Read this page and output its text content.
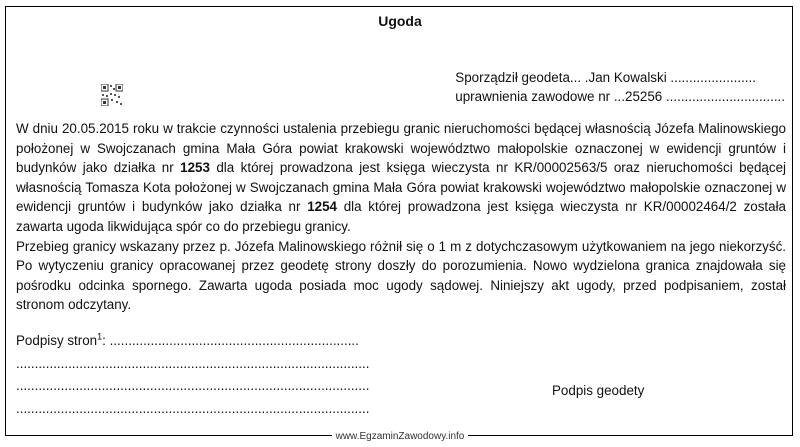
Ugoda
Sporządził geodeta... .Jan Kowalski .......................
uprawnienia zawodowe nr ...25256 ................................

W dniu 20.05.2015 roku w trakcie czynności ustalenia przebiegu granic nieruchomości będącej własnością Józefa Malinowskiego położonej w Swojczanach gmina Mała Góra powiat krakowski województwo małopolskie oznaczonej w ewidencji gruntów i budynków jako działka nr 1253 dla której prowadzona jest księga wieczysta nr KR/00002563/5 oraz nieruchomości będącej własnością Tomasza Kota położonej w Swojczanach gmina Mała Góra powiat krakowski województwo małopolskie oznaczonej w ewidencji gruntów i budynków jako działka nr 1254 dla której prowadzona jest księga wieczysta nr KR/00002464/2 została zawarta ugoda likwidująca spór co do przebiegu granicy.

Przebieg granicy wskazany przez p. Józefa Malinowskiego różnił się o 1 m z dotychczasowym użytkowaniem na jego niekorzyść. Po wytyczeniu granicy opracowanej przez geodetę strony doszły do porozumienia. Nowo wydzielona granica znajdowała się pośrodku odcinka spornego. Zawarta ugoda posiada moc ugody sądowej. Niniejszy akt ugody, przed podpisaniem, został stronom odczytany.

Podpisy stron$^1$: ...................................................................
...............................................................................................
...............................................................................................
...............................................................................................
Podpis geodety
www.EgzaminZawodowy.info
